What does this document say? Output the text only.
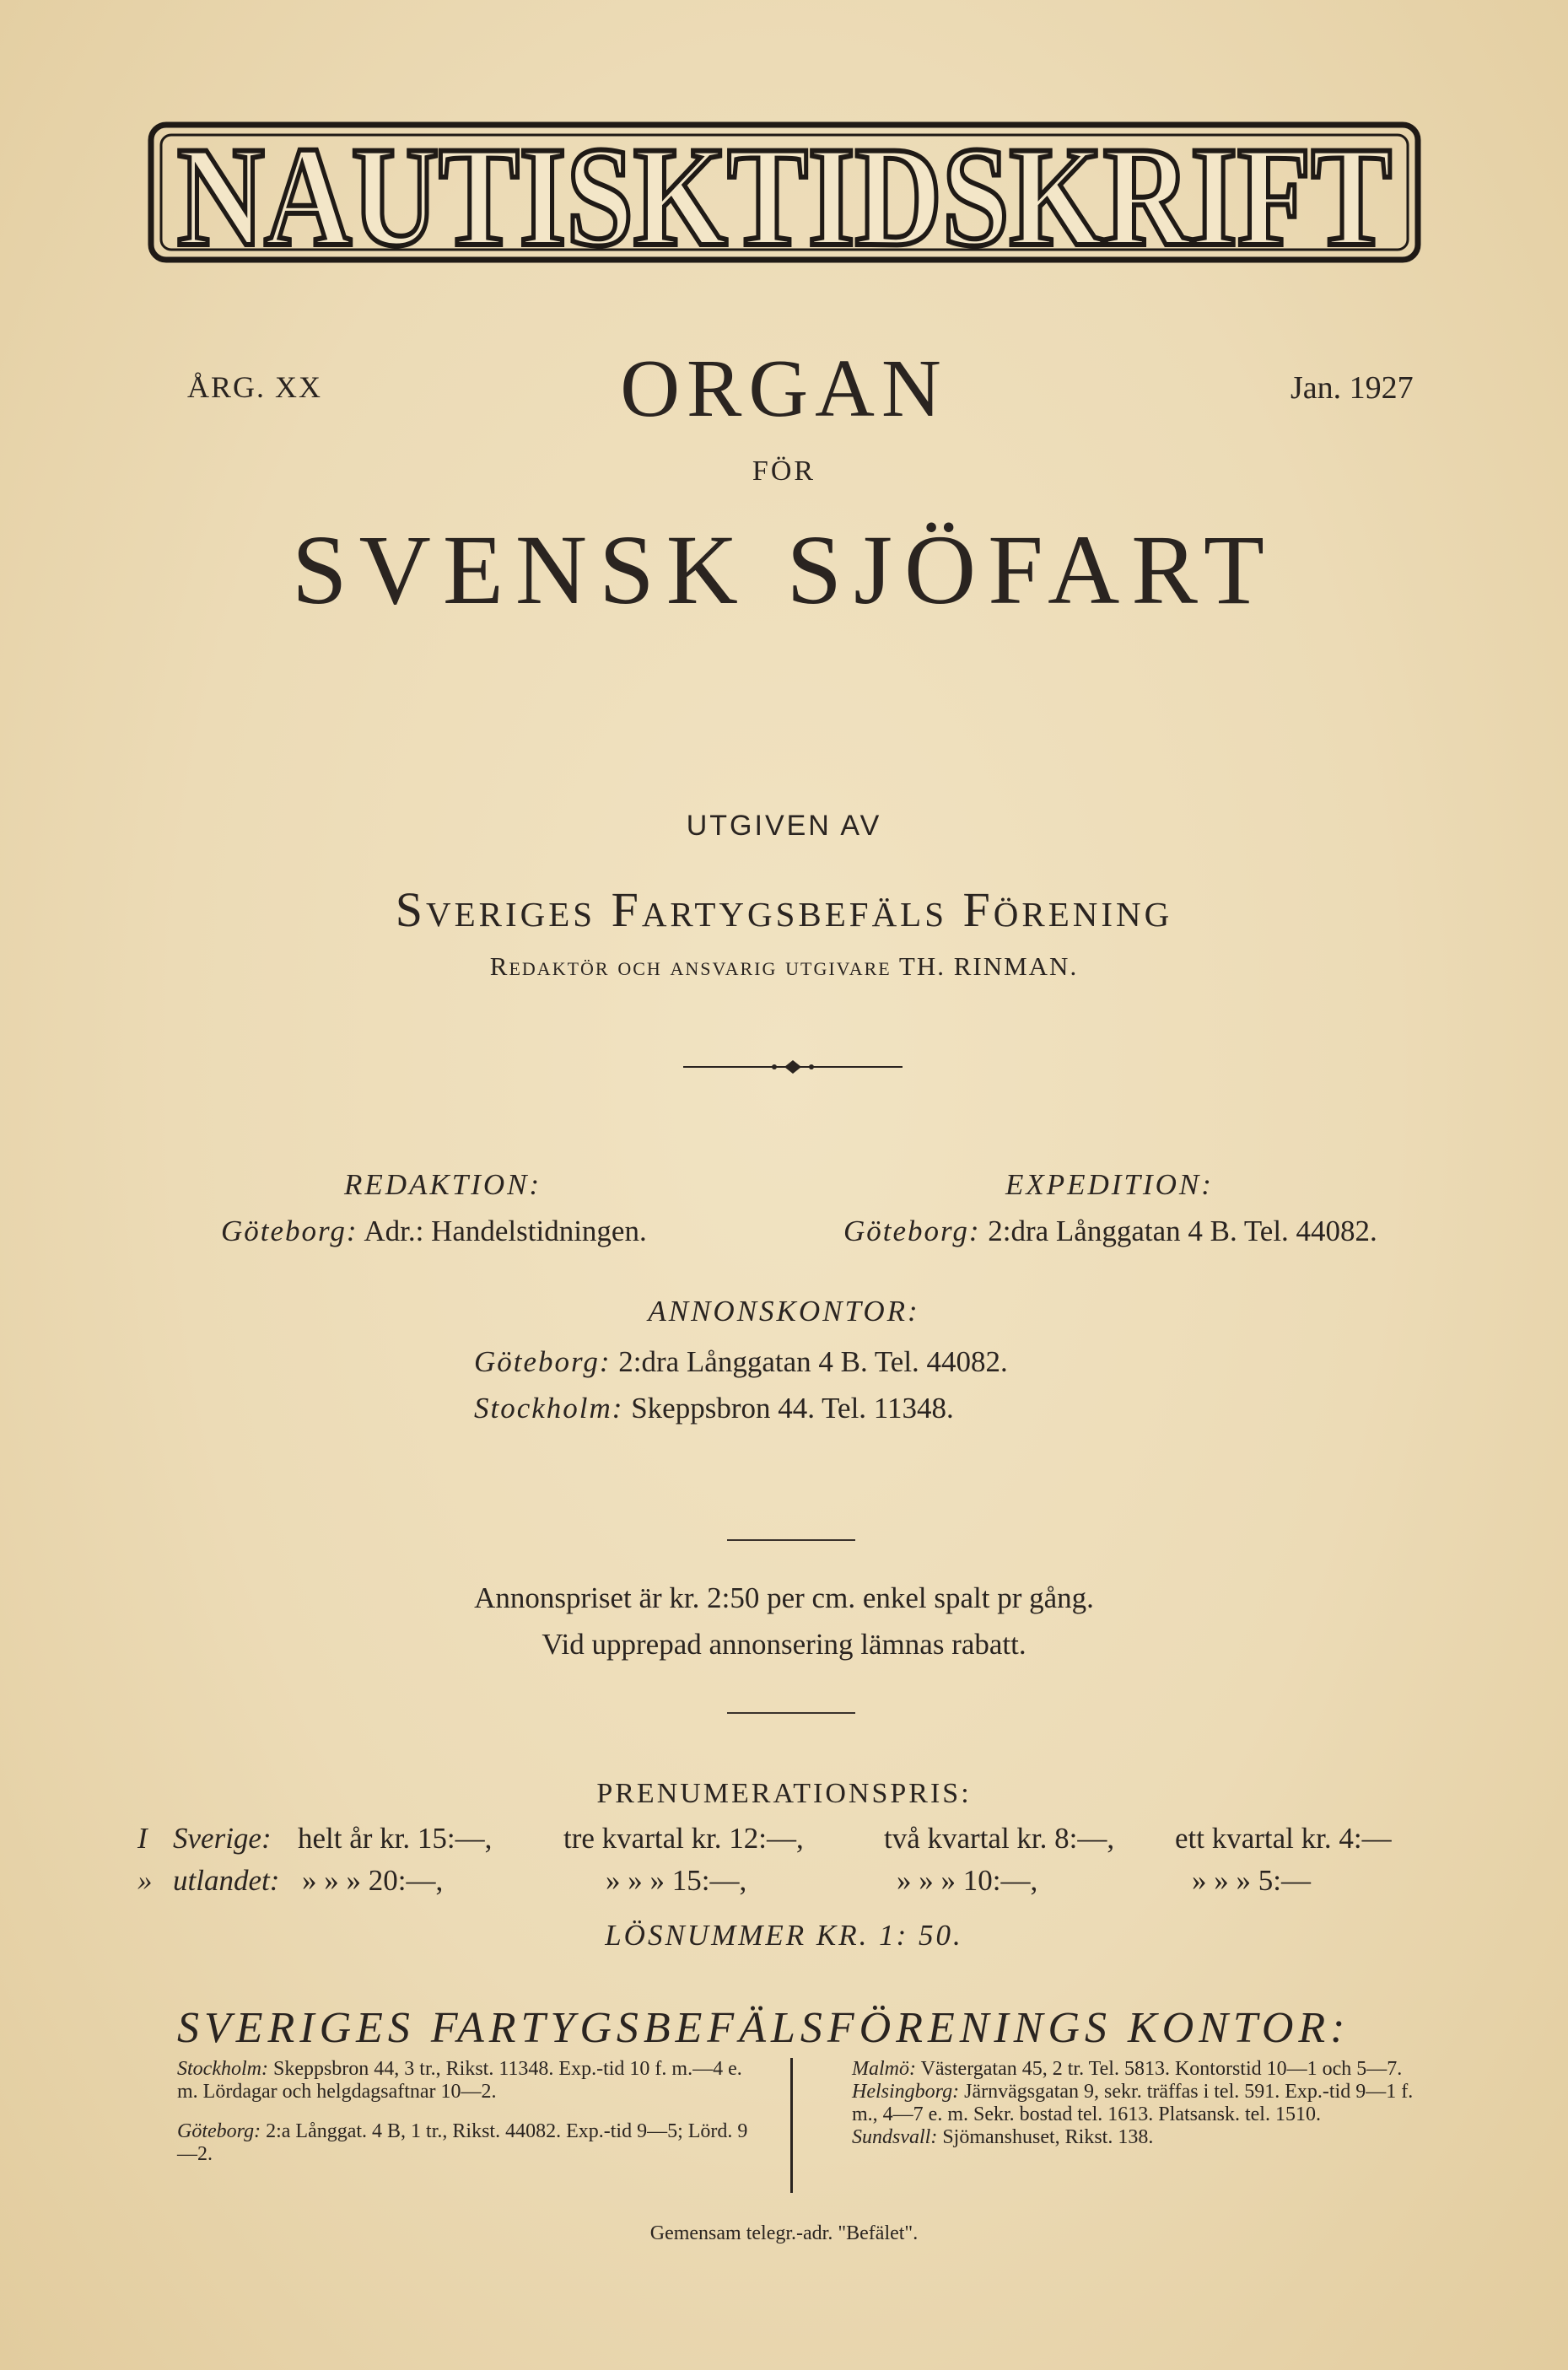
NAUTISKTIDSKRIFT
ÅRG. XX	Jan. 1927
ORGAN
FÖR
SVENSK SJÖFART
UTGIVEN AV
Sveriges Fartygsbefäls Förening
Redaktör och ansvarig utgivare TH. RINMAN.
REDAKTION:	EXPEDITION:
Göteborg: Adr.: Handelstidningen.	Göteborg: 2:dra Långgatan 4 B. Tel. 44082.
ANNONSKONTOR:
Göteborg: 2:dra Långgatan 4 B. Tel. 44082.
Stockholm: Skeppsbron 44. Tel. 11348.
Annonspriset är kr. 2:50 per cm. enkel spalt pr gång.
Vid upprepad annonsering lämnas rabatt.
PRENUMERATIONSPRIS:
I Sverige: helt år kr. 15:—, tre kvartal kr. 12:—,	två kvartal kr. 8:—, ett kvartal kr. 4:—
» utlandet: » » » 20:—,	» » » 15:—,	» » » 10:—,	» » » 5:—
LÖSNUMMER KR. 1: 50.
SVERIGES FARTYGSBEFÄLSFÖRENINGS KONTOR:

Stockholm: Skeppsbron 44, 3 tr., Rikst. 11348. Exp.-tid 10 f. m.—4 e. m. Lördagar och helgdagsaftnar 10—2.

Göteborg: 2:a Långgat. 4 B, 1 tr., Rikst. 44082. Exp.-tid 9—5; Lörd. 9—2.

Malmö: Västergatan 45, 2 tr. Tel. 5813. Kontorstid 10—1 och 5—7.

Helsingborg: Järnvägsgatan 9, sekr. träffas i tel. 591. Exp.-tid 9—1 f. m., 4—7 e. m. Sekr. bostad tel. 1613. Platsansk. tel. 1510.

Sundsvall: Sjömanshuset, Rikst. 138.

Gemensam telegr.-adr. "Befälet".
